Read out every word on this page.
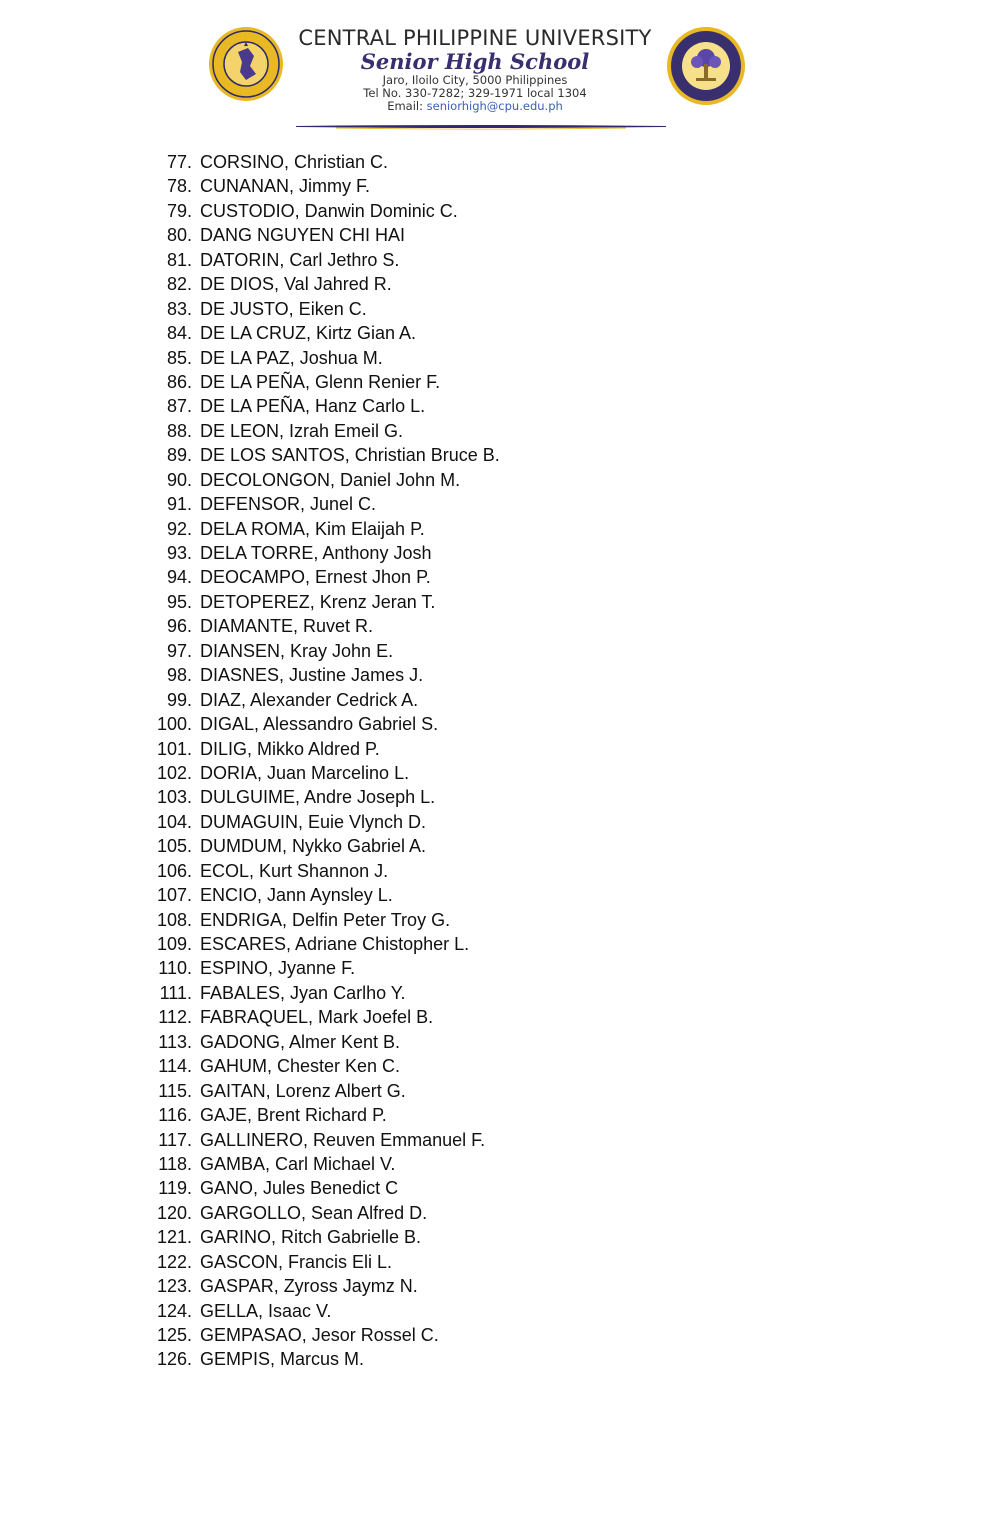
CENTRAL PHILIPPINE UNIVERSITY
Senior High School
Jaro, Iloilo City, 5000 Philippines
Tel No. 330-7282; 329-1971 local 1304
Email: seniorhigh@cpu.edu.ph
77. CORSINO, Christian C.
78. CUNANAN, Jimmy F.
79. CUSTODIO, Danwin Dominic C.
80. DANG NGUYEN CHI HAI
81. DATORIN, Carl Jethro S.
82. DE DIOS, Val Jahred R.
83. DE JUSTO, Eiken C.
84. DE LA CRUZ, Kirtz Gian A.
85. DE LA PAZ, Joshua M.
86. DE LA PEÑA, Glenn Renier F.
87. DE LA PEÑA, Hanz Carlo L.
88. DE LEON, Izrah Emeil G.
89. DE LOS SANTOS, Christian Bruce B.
90. DECOLONGON, Daniel John M.
91. DEFENSOR, Junel C.
92. DELA ROMA, Kim Elaijah P.
93. DELA TORRE, Anthony Josh
94. DEOCAMPO, Ernest Jhon P.
95. DETOPEREZ, Krenz Jeran T.
96. DIAMANTE, Ruvet R.
97. DIANSEN, Kray John E.
98. DIASNES, Justine James J.
99. DIAZ, Alexander Cedrick A.
100. DIGAL, Alessandro Gabriel S.
101. DILIG, Mikko Aldred P.
102. DORIA, Juan Marcelino L.
103. DULGUIME, Andre Joseph L.
104. DUMAGUIN, Euie Vlynch D.
105. DUMDUM, Nykko Gabriel A.
106. ECOL, Kurt Shannon J.
107. ENCIO, Jann Aynsley L.
108. ENDRIGA, Delfin Peter Troy G.
109. ESCARES, Adriane Chistopher L.
110. ESPINO, Jyanne F.
111. FABALES, Jyan Carlho Y.
112. FABRAQUEL, Mark Joefel B.
113. GADONG, Almer Kent B.
114. GAHUM, Chester Ken C.
115. GAITAN, Lorenz Albert G.
116. GAJE, Brent Richard P.
117. GALLINERO, Reuven Emmanuel F.
118. GAMBA, Carl Michael V.
119. GANO, Jules Benedict C
120. GARGOLLO, Sean Alfred D.
121. GARINO, Ritch Gabrielle B.
122. GASCON, Francis Eli L.
123. GASPAR, Zyross Jaymz N.
124. GELLA, Isaac V.
125. GEMPASAO, Jesor Rossel C.
126. GEMPIS, Marcus M.
